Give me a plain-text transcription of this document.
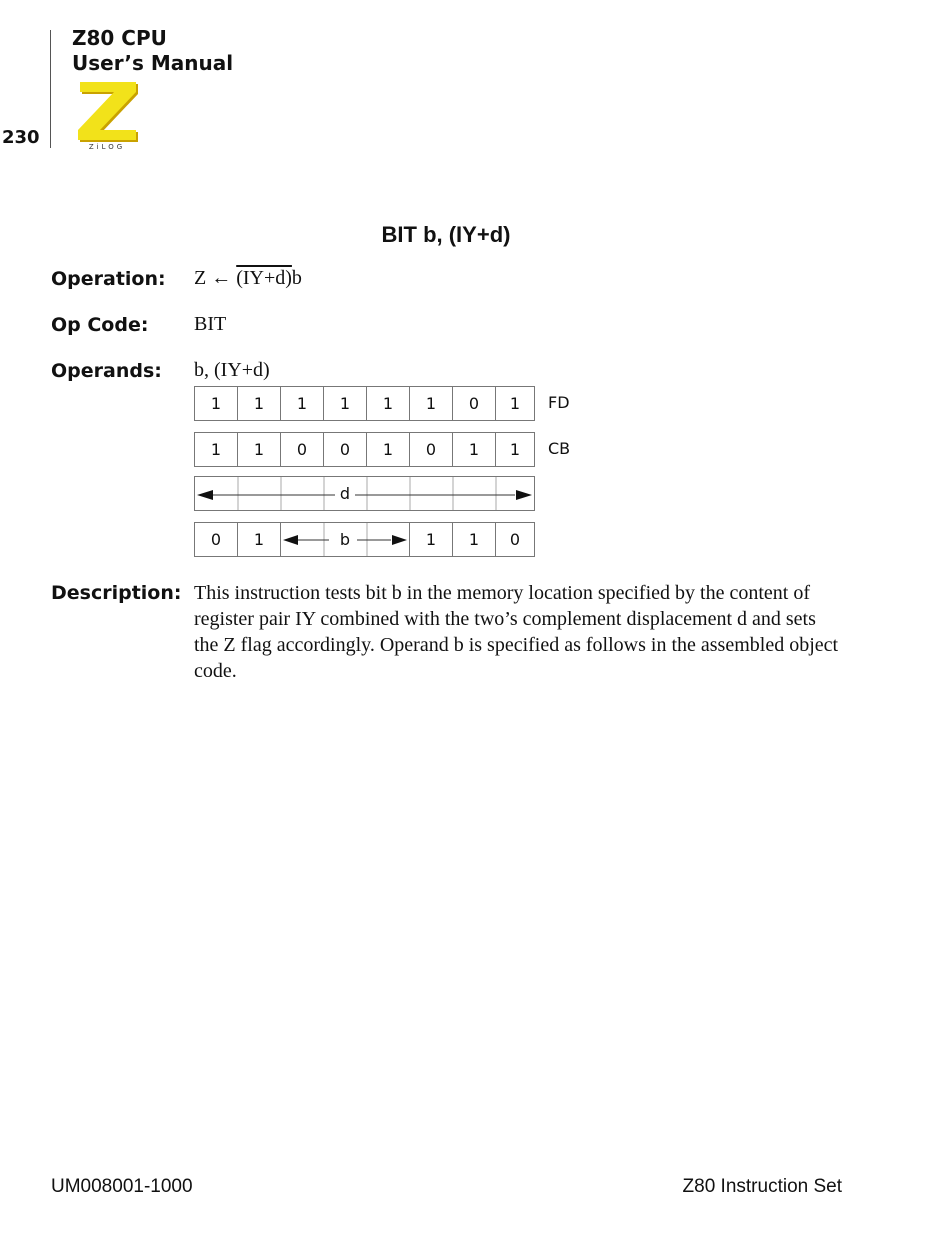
Z80 CPU
User’s Manual
230	ZiLOG
BIT b, (IY+d)
Operation: Z ← (IY+d)b
Op Code: BIT
Operands: b, (IY+d)
1	1	1	1	1	1	0	1	FD
1	1	0	0	1	0	1	1	CB
d
0	1	b	1	1	0
Description: This instruction tests bit b in the memory location specified by the content of register pair IY combined with the two’s complement displacement d and sets the Z flag accordingly. Operand b is specified as follows in the assembled object code.
UM008001-1000	Z80 Instruction Set
